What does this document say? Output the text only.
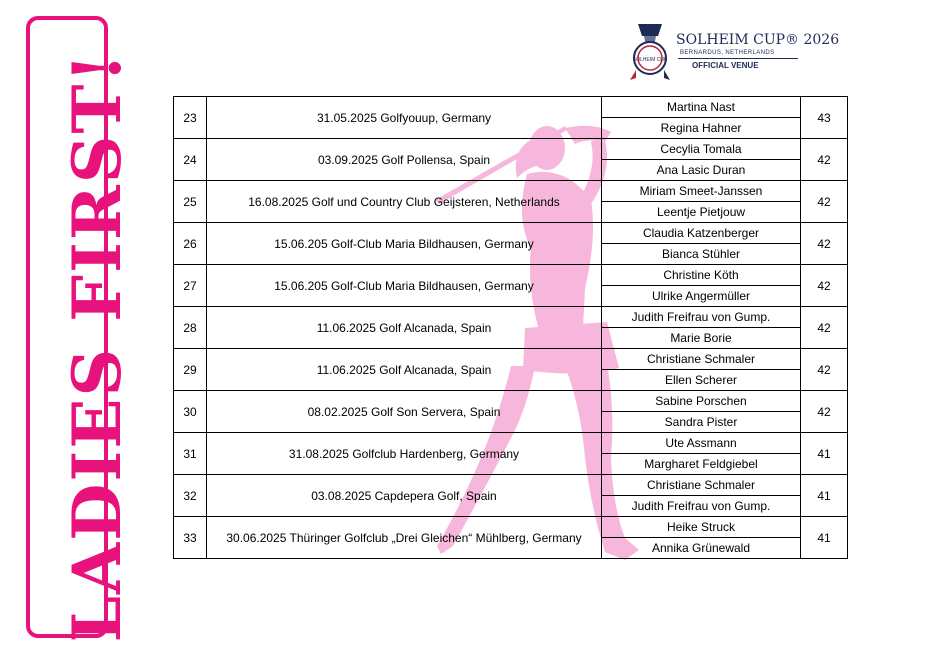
LADIES FIRST!	SOLHEIM CUP
SOLHEIM CUP® 2026
BERNARDUS, NETHERLANDS
OFFICIAL VENUE
23	31.05.2025 Golfyouup, Germany	Martina Nast	43
		Regina Hahner	
24	03.09.2025 Golf Pollensa, Spain	Cecylia Tomala	42
		Ana Lasic Duran	
25	16.08.2025 Golf und Country Club Geijsteren, Netherlands	Miriam Smeet-Janssen	42
		Leentje Pietjouw	
26	15.06.205 Golf-Club Maria Bildhausen, Germany	Claudia Katzenberger	42
		Bianca Stühler	
27	15.06.205 Golf-Club Maria Bildhausen, Germany	Christine Köth	42
		Ulrike Angermüller	
28	11.06.2025 Golf Alcanada, Spain	Judith Freifrau von Gump.	42
		Marie Borie	
29	11.06.2025 Golf Alcanada, Spain	Christiane Schmaler	42
		Ellen Scherer	
30	08.02.2025 Golf Son Servera, Spain	Sabine Porschen	42
		Sandra Pister	
31	31.08.2025 Golfclub Hardenberg, Germany	Ute Assmann	41
		Margharet Feldgiebel	
32	03.08.2025 Capdepera Golf, Spain	Christiane Schmaler	41
		Judith Freifrau von Gump.	
33	30.06.2025 Thüringer Golfclub „Drei Gleichen“ Mühlberg, Germany	Heike Struck	41
		Annika Grünewald	
